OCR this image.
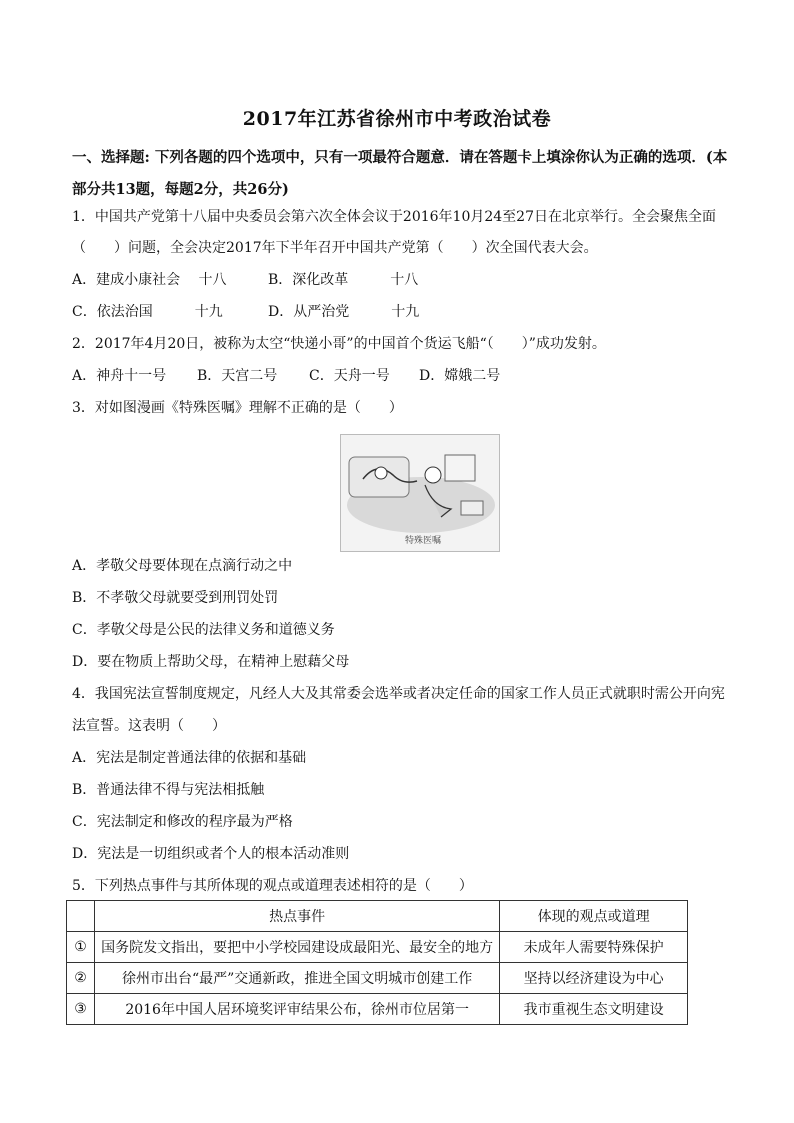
2017年江苏省徐州市中考政治试卷
一、选择题: 下列各题的四个选项中，只有一项最符合题意．请在答题卡上填涂你认为正确的选项．(本部分共13题，每题2分，共26分)
1．中国共产党第十八届中央委员会第六次全体会议于2016年10月24至27日在北京举行。全会聚焦全面
（　　）问题，全会决定2017年下半年召开中国共产党第（　　）次全国代表大会。
A．建成小康社会　 十八	B．深化改革　　　十八
C．依法治国　　　十九	D．从严治党　　　十九
2．2017年4月20日，被称为太空“快递小哥”的中国首个货运飞船“（　　）”成功发射。
A．神舟十一号 B．天宫二号 C．天舟一号 D．嫦娥二号
3．对如图漫画《特殊医嘱》理解不正确的是（　　）
特殊医嘱
A．孝敬父母要体现在点滴行动之中
B．不孝敬父母就要受到刑罚处罚
C．孝敬父母是公民的法律义务和道德义务
D．要在物质上帮助父母，在精神上慰藉父母
4．我国宪法宣誓制度规定，凡经人大及其常委会选举或者决定任命的国家工作人员正式就职时需公开向宪
法宣誓。这表明（　　）
A．宪法是制定普通法律的依据和基础
B．普通法律不得与宪法相抵触
C．宪法制定和修改的程序最为严格
D．宪法是一切组织或者个人的根本活动准则
5．下列热点事件与其所体现的观点或道理表述相符的是（　　）
	热点事件	体现的观点或道理
①	国务院发文指出，要把中小学校园建设成最阳光、最安全的地方	未成年人需要特殊保护
②	徐州市出台“最严”交通新政，推进全国文明城市创建工作	坚持以经济建设为中心
③	2016年中国人居环境奖评审结果公布，徐州市位居第一	我市重视生态文明建设
